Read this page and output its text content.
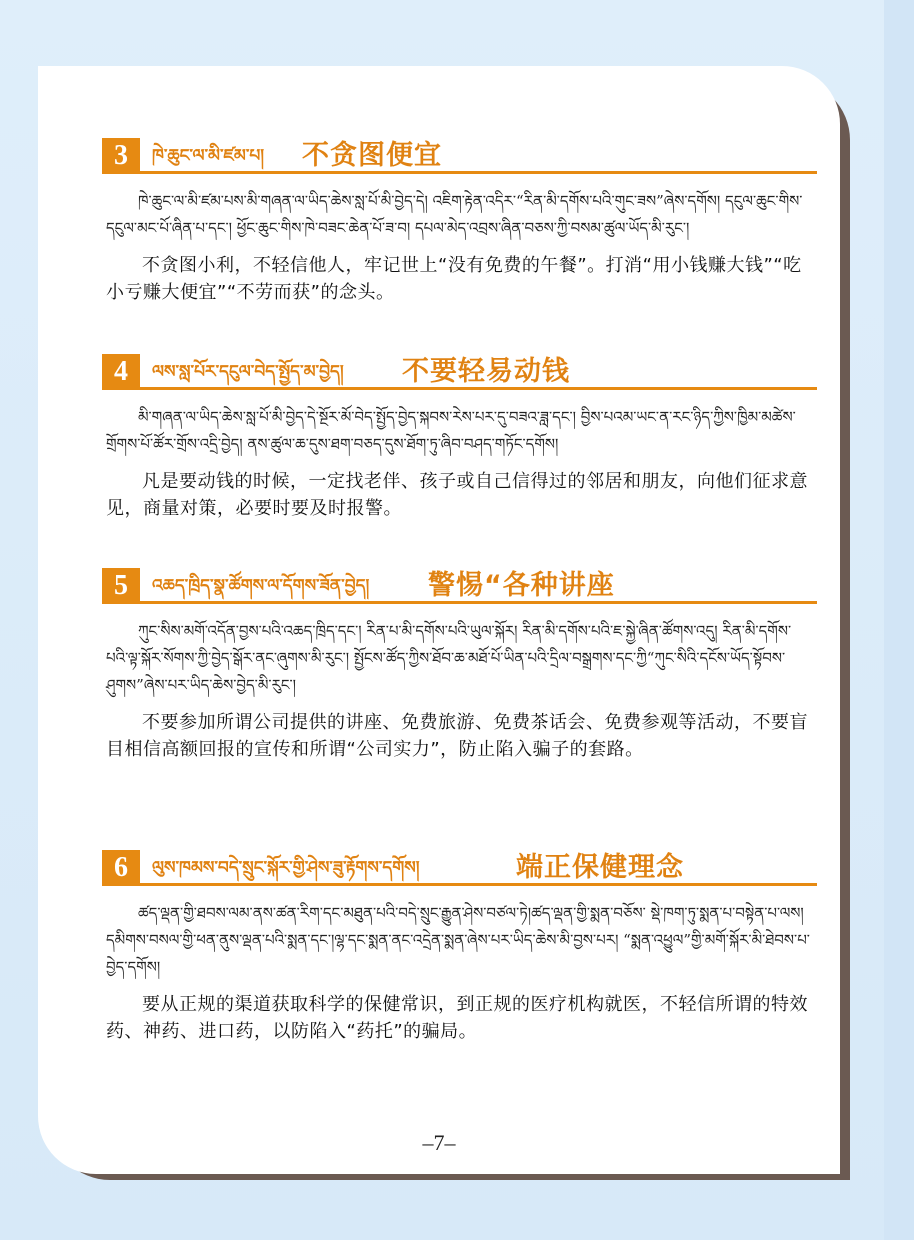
3	ཁེ་ཆུང་ལ་མི་ཛམ་པ། 不贪图便宜

ཁེ་ཆུང་ལ་མི་ཛམ་པས་མི་གཞན་ལ་ཡིད་ཆེས་སླ་པོ་མི་བྱེད་དེ། འཇིག་རྟེན་འདིར་“རིན་མི་དགོས་པའི་གུང་ཟས”ཞེས་དགོས། དངུལ་ཆུང་གིས་དངུལ་མང་པོ་ཞིན་པ་དང་། ཕྱོང་ཆུང་གིས་ཁེ་བཟང་ཆེན་པོ་ཟ་བ། དཔལ་མེད་འབྲས་ཞིན་བཅས་ཀྱི་བསམ་ཚུལ་ཡོད་མི་རུང་།

不贪图小利，不轻信他人，牢记世上“没有免费的午餐”。打消“用小钱赚大钱”“吃小亏赚大便宜”“不劳而获”的念头。

4	ལས་སླ་པོར་དངུལ་བེད་སྤྱོད་མ་བྱེད། 不要轻易动钱

མི་གཞན་ལ་ཡིད་ཆེས་སླ་པོ་མི་བྱེད་དེ་སྔོར་མོ་བེད་སྤྱོད་བྱེད་སྐབས་རེས་པར་དུ་བཟའ་ཟླ་དང་། བྱིས་པའམ་ཡང་ན་རང་ཉིད་ཀྱིས་ཁྱིམ་མཚེས་གྲོགས་པོ་ཚོར་གྲོས་འདྲི་བྱེད། ནས་ཚུལ་ཆ་དུས་ཐག་བཅད་དུས་ཐོག་ཏུ་ཞིབ་བཤད་གཏོང་དགོས།

凡是要动钱的时候，一定找老伴、孩子或自己信得过的邻居和朋友，向他们征求意见，商量对策，必要时要及时报警。

5	འཆད་ཁྲིད་སྣ་ཚོགས་ལ་དོགས་ཟོན་བྱེད། 警惕“各种讲座

ཀུང་སིས་མགོ་འདོན་བྱས་པའི་འཆད་ཁྲིད་དང་། རིན་པ་མི་དགོས་པའི་ཡུལ་སྐོར། རིན་མི་དགོས་པའི་ཇ་སྐྱེ་ཞིན་ཚོགས་འདུ། རིན་མི་དགོས་པའི་ལྟ་སྐོར་སོགས་ཀྱི་བྱེད་སྒོར་ནང་ཞུགས་མི་རུང་། སྤྱོངས་ཚོད་ཀྱིས་ཐོབ་ཆ་མཐོ་པོ་ཡིན་པའི་དྲིལ་བསྒྲགས་དང་ཀྱི“ཀུང་སིའི་དངོས་ཡོད་སྟོབས་ཤུགས”ཞེས་པར་ཡིད་ཆེས་བྱེད་མི་རུང་།

不要参加所谓公司提供的讲座、免费旅游、免费茶话会、免费参观等活动，不要盲目相信高额回报的宣传和所谓“公司实力”，防止陷入骗子的套路。

6	ལུས་ཁམས་བདེ་སྲུང་སྐོར་གྱི་ཤེས་ཟུ་རྟོགས་དགོས།	端正保健理念

ཚད་ལྡན་གྱི་ཐབས་ལམ་ནས་ཚན་རིག་དང་མཐུན་པའི་བདེ་སྲུང་རྒྱུན་ཤེས་བཙལ་ཏེ།ཚད་ལྡན་གྱི་སྨན་བཅོས་ སྡེ་ཁག་ཏུ་སྨན་པ་བསྟེན་པ་ལས།དམིགས་བསལ་གྱི་ཕན་ནུས་ལྡན་པའི་སྨན་དང་།ལྷ་དང་སྨན་ནང་འདྲེན་སྨན་ཞེས་པར་ཡིད་ཆེས་མི་བྱས་པར། “སྨན་འཕྱུལ”གྱི་མགོ་སྐོར་མི་ཐེབས་པ་བྱེད་དགོས།

要从正规的渠道获取科学的保健常识，到正规的医疗机构就医，不轻信所谓的特效药、神药、进口药，以防陷入“药托”的骗局。

–7–
